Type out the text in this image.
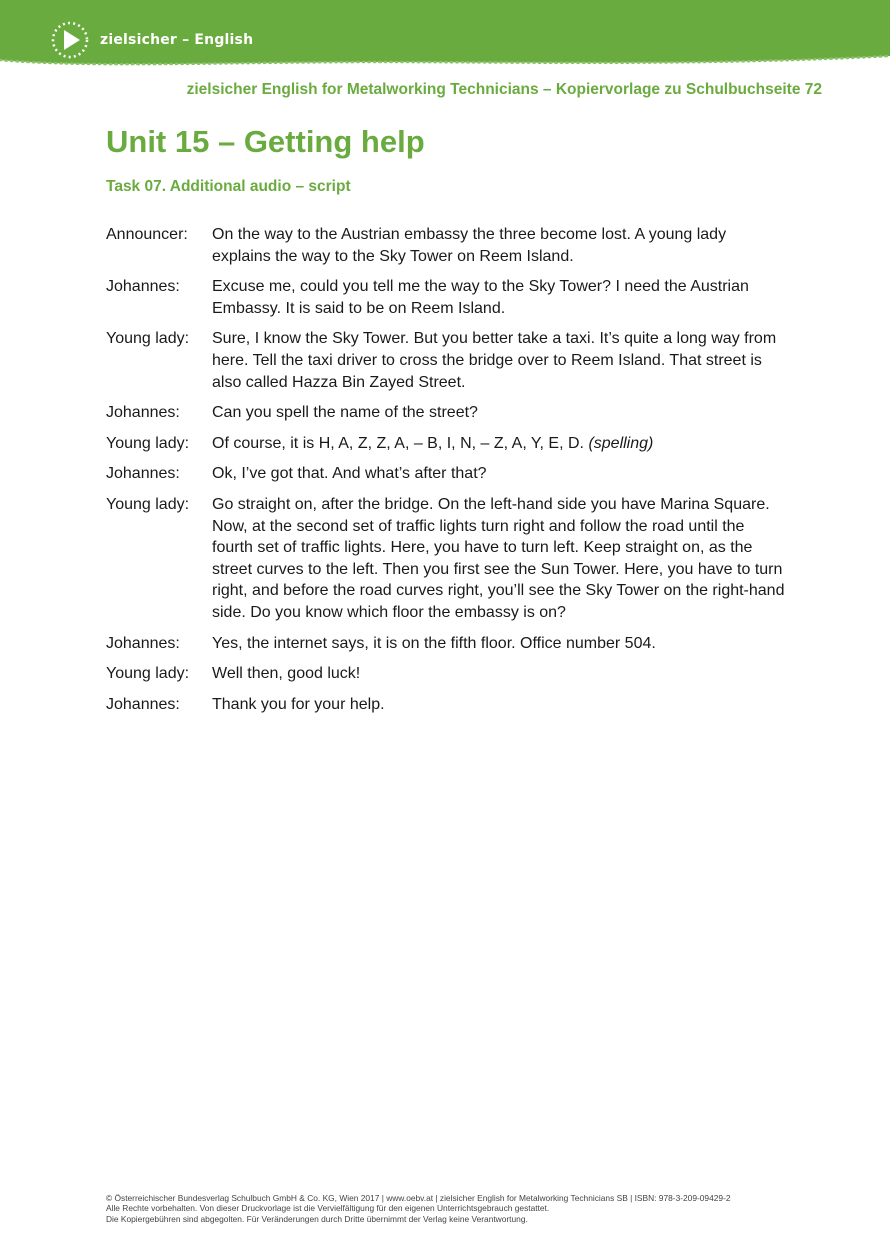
zielsicher – English
zielsicher English for Metalworking Technicians – Kopiervorlage zu Schulbuchseite 72
Unit 15 – Getting help
Task 07. Additional audio – script
Announcer:	On the way to the Austrian embassy the three become lost. A young lady explains the way to the Sky Tower on Reem Island.
Johannes:	Excuse me, could you tell me the way to the Sky Tower? I need the Austrian Embassy. It is said to be on Reem Island.
Young lady:	Sure, I know the Sky Tower. But you better take a taxi. It’s quite a long way from here. Tell the taxi driver to cross the bridge over to Reem Island. That street is also called Hazza Bin Zayed Street.
Johannes:	Can you spell the name of the street?
Young lady:	Of course, it is H, A, Z, Z, A, – B, I, N, – Z, A, Y, E, D. (spelling)
Johannes:	Ok, I’ve got that. And what’s after that?
Young lady:	Go straight on, after the bridge. On the left-hand side you have Marina Square. Now, at the second set of traffic lights turn right and follow the road until the fourth set of traffic lights. Here, you have to turn left. Keep straight on, as the street curves to the left. Then you first see the Sun Tower. Here, you have to turn right, and before the road curves right, you’ll see the Sky Tower on the right-hand side. Do you know which floor the embassy is on?
Johannes:	Yes, the internet says, it is on the fifth floor. Office number 504.
Young lady:	Well then, good luck!
Johannes:	Thank you for your help.
© Österreichischer Bundesverlag Schulbuch GmbH & Co. KG, Wien 2017 | www.oebv.at | zielsicher English for Metalworking Technicians SB | ISBN: 978-3-209-09429-2
Alle Rechte vorbehalten. Von dieser Druckvorlage ist die Vervielfältigung für den eigenen Unterrichtsgebrauch gestattet.
Die Kopiergebühren sind abgegolten. Für Veränderungen durch Dritte übernimmt der Verlag keine Verantwortung.
